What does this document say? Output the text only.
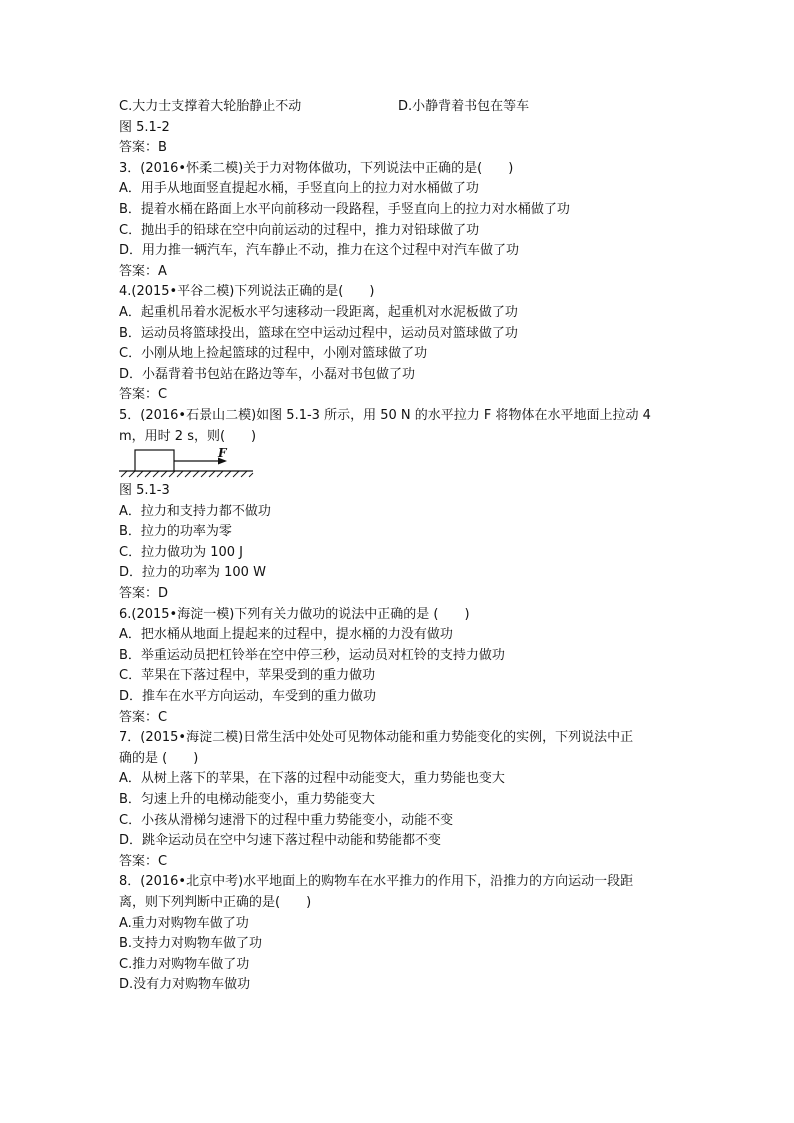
C.大力士支撑着大轮胎静止不动	D.小静背着书包在等车
图 5.1-2
答案：B
3．(2016•怀柔二模)关于力对物体做功，下列说法中正确的是(　　)
A．用手从地面竖直提起水桶，手竖直向上的拉力对水桶做了功
B．提着水桶在路面上水平向前移动一段路程，手竖直向上的拉力对水桶做了功
C．抛出手的铅球在空中向前运动的过程中，推力对铅球做了功
D．用力推一辆汽车，汽车静止不动，推力在这个过程中对汽车做了功
答案：A
4.(2015•平谷二模)下列说法正确的是(　　)
A．起重机吊着水泥板水平匀速移动一段距离，起重机对水泥板做了功
B．运动员将篮球投出，篮球在空中运动过程中，运动员对篮球做了功
C．小刚从地上捡起篮球的过程中，小刚对篮球做了功
D．小磊背着书包站在路边等车，小磊对书包做了功
答案：C
5．(2016•石景山二模)如图 5.1-3 所示，用 50 N 的水平拉力 F 将物体在水平地面上拉动 4
m，用时 2 s，则(　　)
F
图 5.1-3
A．拉力和支持力都不做功
B．拉力的功率为零
C．拉力做功为 100 J
D．拉力的功率为 100 W
答案：D
6.(2015•海淀一模)下列有关力做功的说法中正确的是 (　　)
A．把水桶从地面上提起来的过程中，提水桶的力没有做功
B．举重运动员把杠铃举在空中停三秒，运动员对杠铃的支持力做功
C．苹果在下落过程中，苹果受到的重力做功
D．推车在水平方向运动，车受到的重力做功
答案：C
7．(2015•海淀二模)日常生活中处处可见物体动能和重力势能变化的实例，下列说法中正
确的是 (　　)
A．从树上落下的苹果，在下落的过程中动能变大，重力势能也变大
B．匀速上升的电梯动能变小，重力势能变大
C．小孩从滑梯匀速滑下的过程中重力势能变小，动能不变
D．跳伞运动员在空中匀速下落过程中动能和势能都不变
答案：C
8．(2016•北京中考)水平地面上的购物车在水平推力的作用下，沿推力的方向运动一段距
离，则下列判断中正确的是(　　)
A.重力对购物车做了功
B.支持力对购物车做了功
C.推力对购物车做了功
D.没有力对购物车做功
